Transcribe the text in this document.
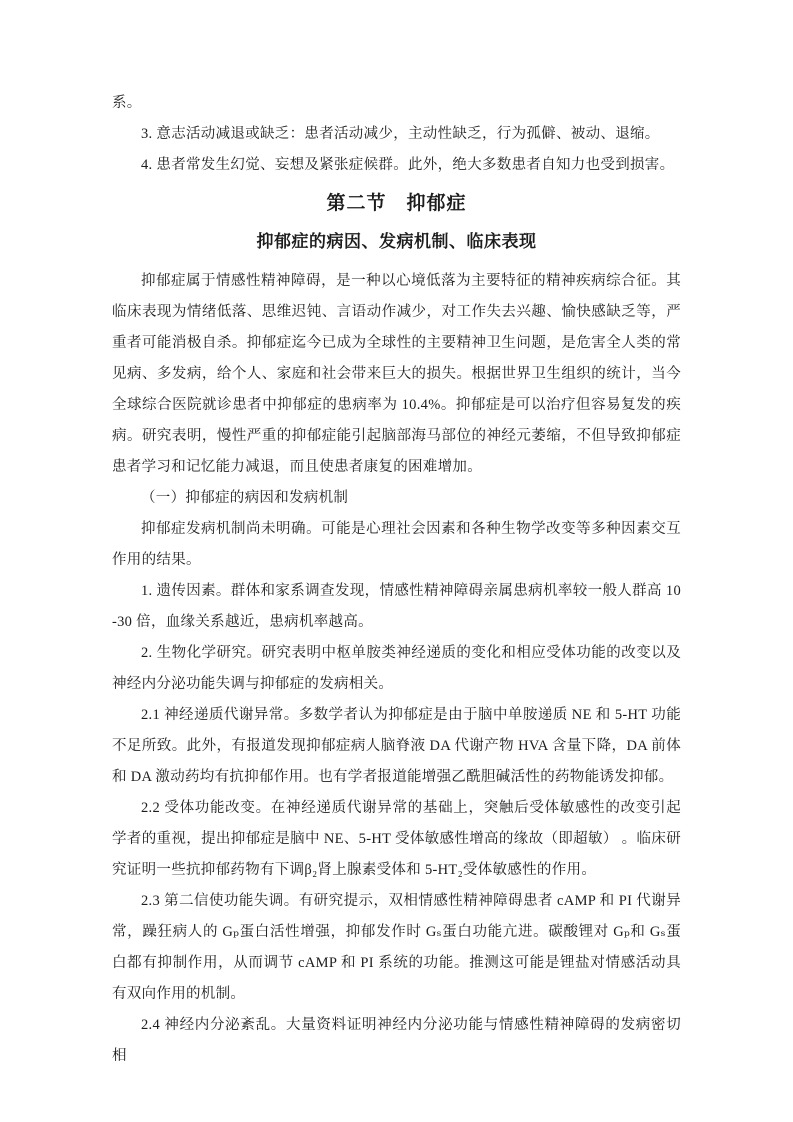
系。

3. 意志活动减退或缺乏：患者活动减少，主动性缺乏，行为孤僻、被动、退缩。

4. 患者常发生幻觉、妄想及紧张症候群。此外，绝大多数患者自知力也受到损害。

第二节　抑郁症
抑郁症的病因、发病机制、临床表现

抑郁症属于情感性精神障碍，是一种以心境低落为主要特征的精神疾病综合征。其临床表现为情绪低落、思维迟钝、言语动作减少，对工作失去兴趣、愉快感缺乏等，严重者可能消极自杀。抑郁症迄今已成为全球性的主要精神卫生问题，是危害全人类的常见病、多发病，给个人、家庭和社会带来巨大的损失。根据世界卫生组织的统计，当今全球综合医院就诊患者中抑郁症的患病率为 10.4%。抑郁症是可以治疗但容易复发的疾病。研究表明，慢性严重的抑郁症能引起脑部海马部位的神经元萎缩，不但导致抑郁症患者学习和记忆能力减退，而且使患者康复的困难增加。

（一）抑郁症的病因和发病机制

抑郁症发病机制尚未明确。可能是心理社会因素和各种生物学改变等多种因素交互作用的结果。

1. 遗传因素。群体和家系调查发现，情感性精神障碍亲属患病机率较一般人群高 10-30 倍，血缘关系越近，患病机率越高。

2. 生物化学研究。研究表明中枢单胺类神经递质的变化和相应受体功能的改变以及神经内分泌功能失调与抑郁症的发病相关。

2.1 神经递质代谢异常。多数学者认为抑郁症是由于脑中单胺递质 NE 和 5-HT 功能不足所致。此外，有报道发现抑郁症病人脑脊液 DA 代谢产物 HVA 含量下降，DA 前体和 DA 激动药均有抗抑郁作用。也有学者报道能增强乙酰胆碱活性的药物能诱发抑郁。

2.2 受体功能改变。在神经递质代谢异常的基础上，突触后受体敏感性的改变引起学者的重视，提出抑郁症是脑中 NE、5-HT 受体敏感性增高的缘故（即超敏） 。临床研究证明一些抗抑郁药物有下调β₂肾上腺素受体和 5-HT₂受体敏感性的作用。

2.3 第二信使功能失调。有研究提示，双相情感性精神障碍患者 cAMP 和 PI 代谢异常，躁狂病人的 Gₚ蛋白活性增强，抑郁发作时 Gₛ蛋白功能亢进。碳酸锂对 Gₚ和 Gₛ蛋白都有抑制作用，从而调节 cAMP 和 PI 系统的功能。推测这可能是锂盐对情感活动具有双向作用的机制。

2.4 神经内分泌紊乱。大量资料证明神经内分泌功能与情感性精神障碍的发病密切相
